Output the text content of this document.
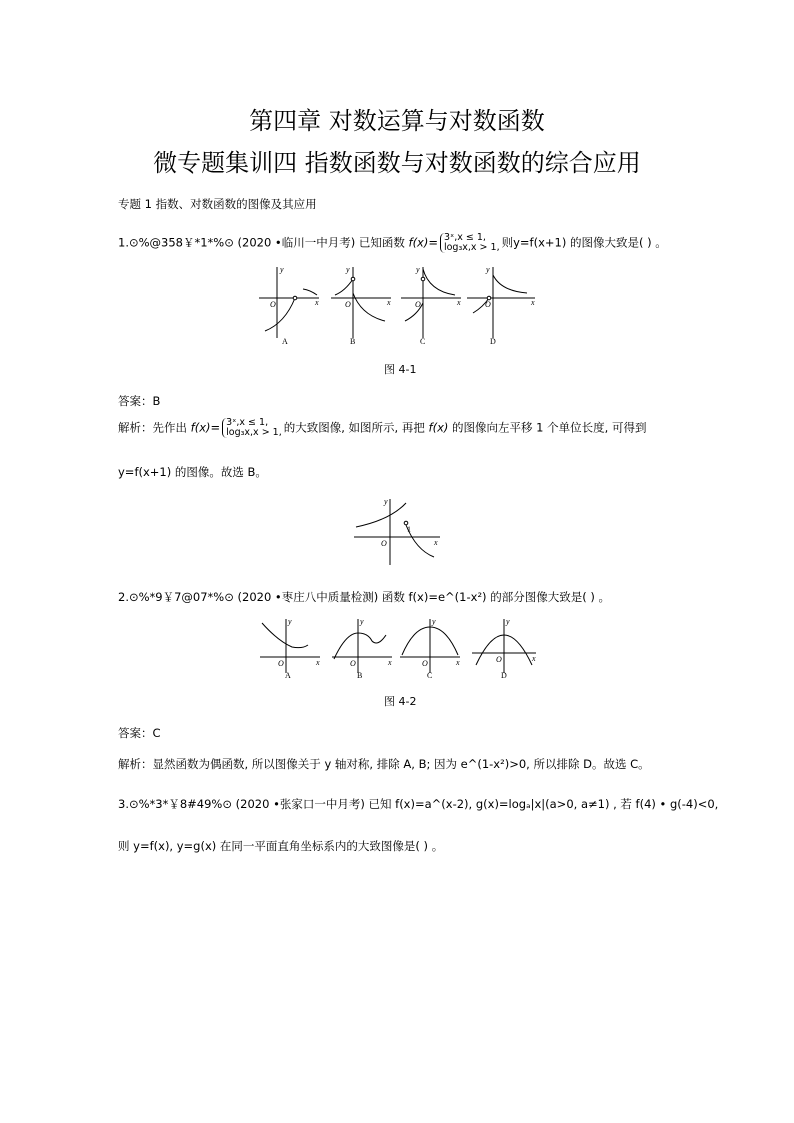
第四章 对数运算与对数函数
微专题集训四 指数函数与对数函数的综合应用
专题 1 指数、对数函数的图像及其应用
1.⊙%@358￥*1*%⊙ (2020 •临川一中月考) 已知函数 f(x)= 3ˣ,x ≤ 1,
log₃x,x > 1, 则y=f(x+1) 的图像大致是( ) 。
O
y
x
A
O
y
x
B
O
y
x
C
O
y
x
D
图 4-1
答案：B
解析：先作出 f(x)= 3ˣ,x ≤ 1,
log₃x,x > 1, 的大致图像, 如图所示, 再把 f(x) 的图像向左平移 1 个单位长度, 可得到
y=f(x+1) 的图像。故选 B。
O
y
x
1
2.⊙%*9￥7@07*%⊙ (2020 •枣庄八中质量检测) 函数 f(x)=e^(1-x²) 的部分图像大致是( ) 。
O
y
x
A
O
y
x
B
O
y
x
C
O
y
x
D
图 4-2
答案：C
解析：显然函数为偶函数, 所以图像关于 y 轴对称, 排除 A, B; 因为 e^(1-x²)>0, 所以排除 D。故选 C。
3.⊙%*3*￥8#49%⊙ (2020 •张家口一中月考) 已知 f(x)=a^(x-2), g(x)=logₐ|x|(a>0, a≠1) , 若 f(4) • g(-4)<0,
则 y=f(x), y=g(x) 在同一平面直角坐标系内的大致图像是( ) 。
